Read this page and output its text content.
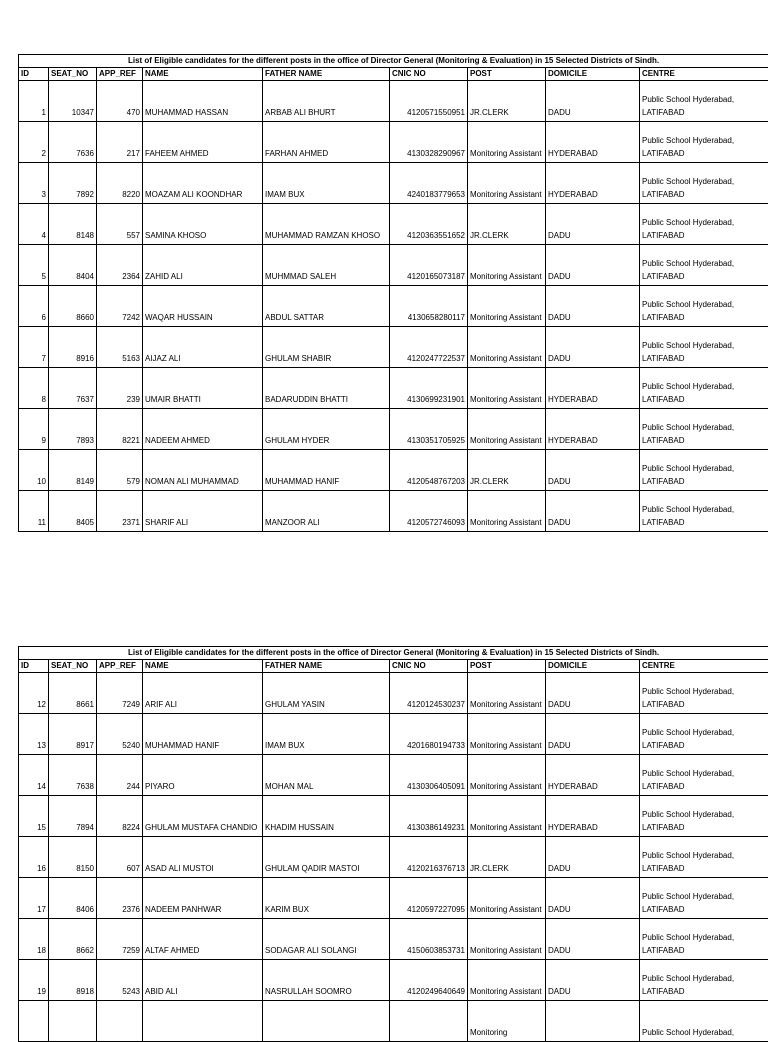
List of Eligible candidates for the different posts in the office of Director General (Monitoring & Evaluation) in 15 Selected Districts of Sindh.								
ID	SEAT_NO	APP_REF	NAME	FATHER NAME	CNIC NO	POST	DOMICILE	CENTRE
1	10347	470	MUHAMMAD HASSAN	ARBAB ALI BHURT	4120571550951	JR.CLERK	DADU	Public School Hyderabad, LATIFABAD
2	7636	217	FAHEEM AHMED	FARHAN AHMED	4130328290967	Monitoring Assistant	HYDERABAD	Public School Hyderabad, LATIFABAD
3	7892	8220	MOAZAM ALI KOONDHAR	IMAM BUX	4240183779653	Monitoring Assistant	HYDERABAD	Public School Hyderabad, LATIFABAD
4	8148	557	SAMINA KHOSO	MUHAMMAD RAMZAN KHOSO	4120363551652	JR.CLERK	DADU	Public School Hyderabad, LATIFABAD
5	8404	2364	ZAHID ALI	MUHMMAD SALEH	4120165073187	Monitoring Assistant	DADU	Public School Hyderabad, LATIFABAD
6	8660	7242	WAQAR HUSSAIN	ABDUL SATTAR	4130658280117	Monitoring Assistant	DADU	Public School Hyderabad, LATIFABAD
7	8916	5163	AIJAZ ALI	GHULAM SHABIR	4120247722537	Monitoring Assistant	DADU	Public School Hyderabad, LATIFABAD
8	7637	239	UMAIR BHATTI	BADARUDDIN BHATTI	4130699231901	Monitoring Assistant	HYDERABAD	Public School Hyderabad, LATIFABAD
9	7893	8221	NADEEM AHMED	GHULAM HYDER	4130351705925	Monitoring Assistant	HYDERABAD	Public School Hyderabad, LATIFABAD
10	8149	579	NOMAN ALI MUHAMMAD	MUHAMMAD HANIF	4120548767203	JR.CLERK	DADU	Public School Hyderabad, LATIFABAD
11	8405	2371	SHARIF ALI	MANZOOR ALI	4120572746093	Monitoring Assistant	DADU	Public School Hyderabad, LATIFABAD
List of Eligible candidates for the different posts in the office of Director General (Monitoring & Evaluation) in 15 Selected Districts of Sindh.								
ID	SEAT_NO	APP_REF	NAME	FATHER NAME	CNIC NO	POST	DOMICILE	CENTRE
12	8661	7249	ARIF ALI	GHULAM YASIN	4120124530237	Monitoring Assistant	DADU	Public School Hyderabad, LATIFABAD
13	8917	5240	MUHAMMAD HANIF	IMAM BUX	4201680194733	Monitoring Assistant	DADU	Public School Hyderabad, LATIFABAD
14	7638	244	PIYARO	MOHAN MAL	4130306405091	Monitoring Assistant	HYDERABAD	Public School Hyderabad, LATIFABAD
15	7894	8224	GHULAM MUSTAFA CHANDIO	KHADIM HUSSAIN	4130386149231	Monitoring Assistant	HYDERABAD	Public School Hyderabad, LATIFABAD
16	8150	607	ASAD ALI MUSTOI	GHULAM QADIR MASTOI	4120216376713	JR.CLERK	DADU	Public School Hyderabad, LATIFABAD
17	8406	2376	NADEEM PANHWAR	KARIM BUX	4120597227095	Monitoring Assistant	DADU	Public School Hyderabad, LATIFABAD
18	8662	7259	ALTAF AHMED	SODAGAR ALI SOLANGI	4150603853731	Monitoring Assistant	DADU	Public School Hyderabad, LATIFABAD
19	8918	5243	ABID ALI	NASRULLAH SOOMRO	4120249640649	Monitoring Assistant	DADU	Public School Hyderabad, LATIFABAD
						Monitoring		Public School Hyderabad,
